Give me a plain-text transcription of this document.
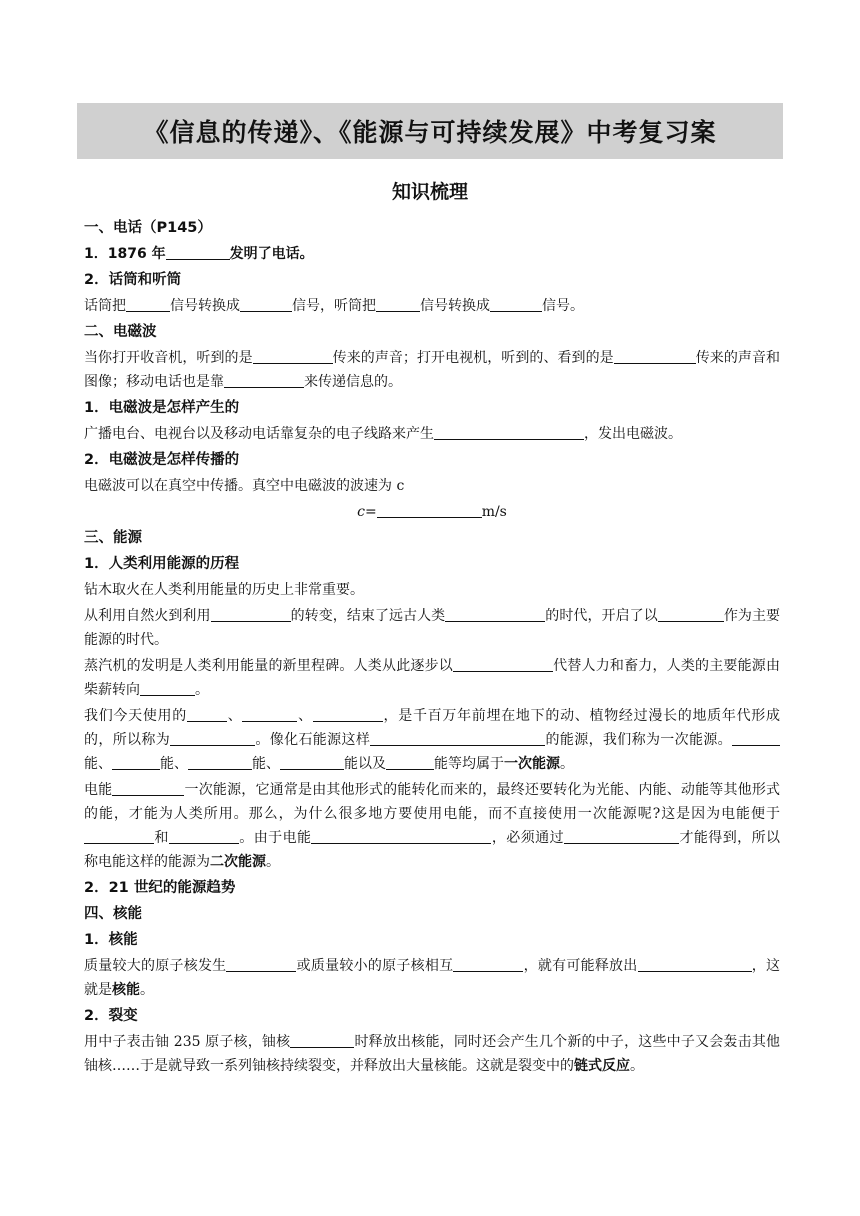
《信息的传递》、《能源与可持续发展》中考复习案
知识梳理
一、电话（P145）
1．1876 年	发明了电话。
2．话筒和听筒
话筒把	信号转换成	信号，听筒把	信号转换成	信号。
二、电磁波
当你打开收音机，听到的是	传来的声音；打开电视机，听到的、看到的是	传来的声音和图像；移动电话也是靠	来传递信息的。
1．电磁波是怎样产生的
广播电台、电视台以及移动电话靠复杂的电子线路来产生	，发出电磁波。
2．电磁波是怎样传播的
电磁波可以在真空中传播。真空中电磁波的波速为 c
c=	m/s
三、能源
1．人类利用能源的历程
钻木取火在人类利用能量的历史上非常重要。
从利用自然火到利用	的转变，结束了远古人类	的时代，开启了以	作为主要能源的时代。
蒸汽机的发明是人类利用能量的新里程碑。人类从此逐步以	代替人力和畜力，人类的主要能源由柴薪转向	。
我们今天使用的	、	、	，是千百万年前埋在地下的动、植物经过漫长的地质年代形成的，所以称为	。像化石能源这样	的能源，我们称为一次能源。能、	能、	能、	能以及	能等均属于一次能源。
电能	一次能源，它通常是由其他形式的能转化而来的，最终还要转化为光能、内能、动能等其他形式的能，才能为人类所用。那么，为什么很多地方要使用电能，而不直接使用一次能源呢?这是因为电能便于和	。由于电能	，必须通过	才能得到，所以称电能这样的能源为二次能源。
2．21 世纪的能源趋势
四、核能
1．核能
质量较大的原子核发生	或质量较小的原子核相互	，就有可能释放出	，这就是核能。
2．裂变
用中子表击铀 235 原子核，铀核	时释放出核能，同时还会产生几个新的中子，这些中子又会轰击其他铀核……于是就导致一系列铀核持续裂变，并释放出大量核能。这就是裂变中的链式反应。
